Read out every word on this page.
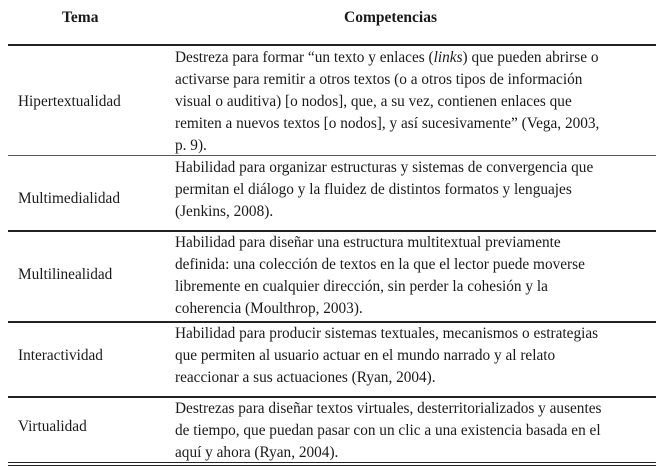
Tema	Competencias
Hipertextualidad
Destreza para formar “un texto y enlaces (links) que pueden abrirse o
activarse para remitir a otros textos (o a otros tipos de información
visual o auditiva) [o nodos], que, a su vez, contienen enlaces que
remiten a nuevos textos [o nodos], y así sucesivamente” (Vega, 2003,
p. 9).
Multimedialidad
Habilidad para organizar estructuras y sistemas de convergencia que
permitan el diálogo y la fluidez de distintos formatos y lenguajes
(Jenkins, 2008).
Multilinealidad
Habilidad para diseñar una estructura multitextual previamente
definida: una colección de textos en la que el lector puede moverse
libremente en cualquier dirección, sin perder la cohesión y la
coherencia (Moulthrop, 2003).
Interactividad
Habilidad para producir sistemas textuales, mecanismos o estrategias
que permiten al usuario actuar en el mundo narrado y al relato
reaccionar a sus actuaciones (Ryan, 2004).
Virtualidad
Destrezas para diseñar textos virtuales, desterritorializados y ausentes
de tiempo, que puedan pasar con un clic a una existencia basada en el
aquí y ahora (Ryan, 2004).
